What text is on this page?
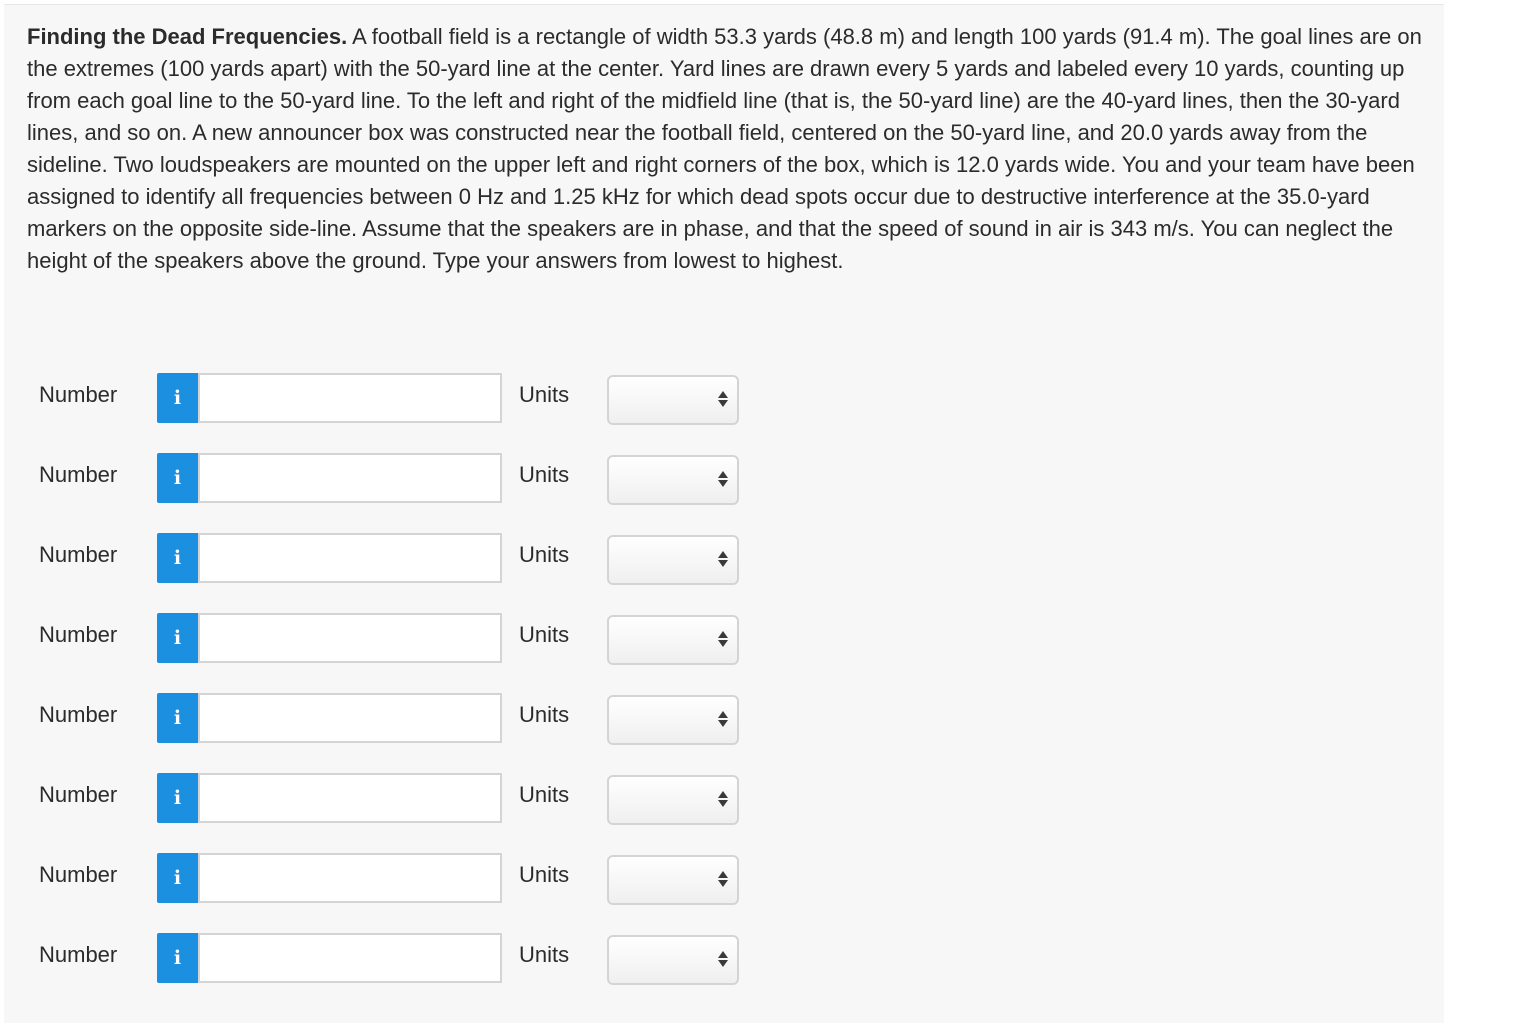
Finding the Dead Frequencies. A football field is a rectangle of width 53.3 yards (48.8 m) and length 100 yards (91.4 m). The goal lines are on the extremes (100 yards apart) with the 50-yard line at the center. Yard lines are drawn every 5 yards and labeled every 10 yards, counting up from each goal line to the 50-yard line. To the left and right of the midfield line (that is, the 50-yard line) are the 40-yard lines, then the 30-yard lines, and so on. A new announcer box was constructed near the football field, centered on the 50-yard line, and 20.0 yards away from the sideline. Two loudspeakers are mounted on the upper left and right corners of the box, which is 12.0 yards wide. You and your team have been assigned to identify all frequencies between 0 Hz and 1.25 kHz for which dead spots occur due to destructive interference at the 35.0-yard markers on the opposite side-line. Assume that the speakers are in phase, and that the speed of sound in air is 343 m/s. You can neglect the height of the speakers above the ground. Type your answers from lowest to highest.
Number	i	Units
Number	i	Units
Number	i	Units
Number	i	Units
Number	i	Units
Number	i	Units
Number	i	Units
Number	i	Units
